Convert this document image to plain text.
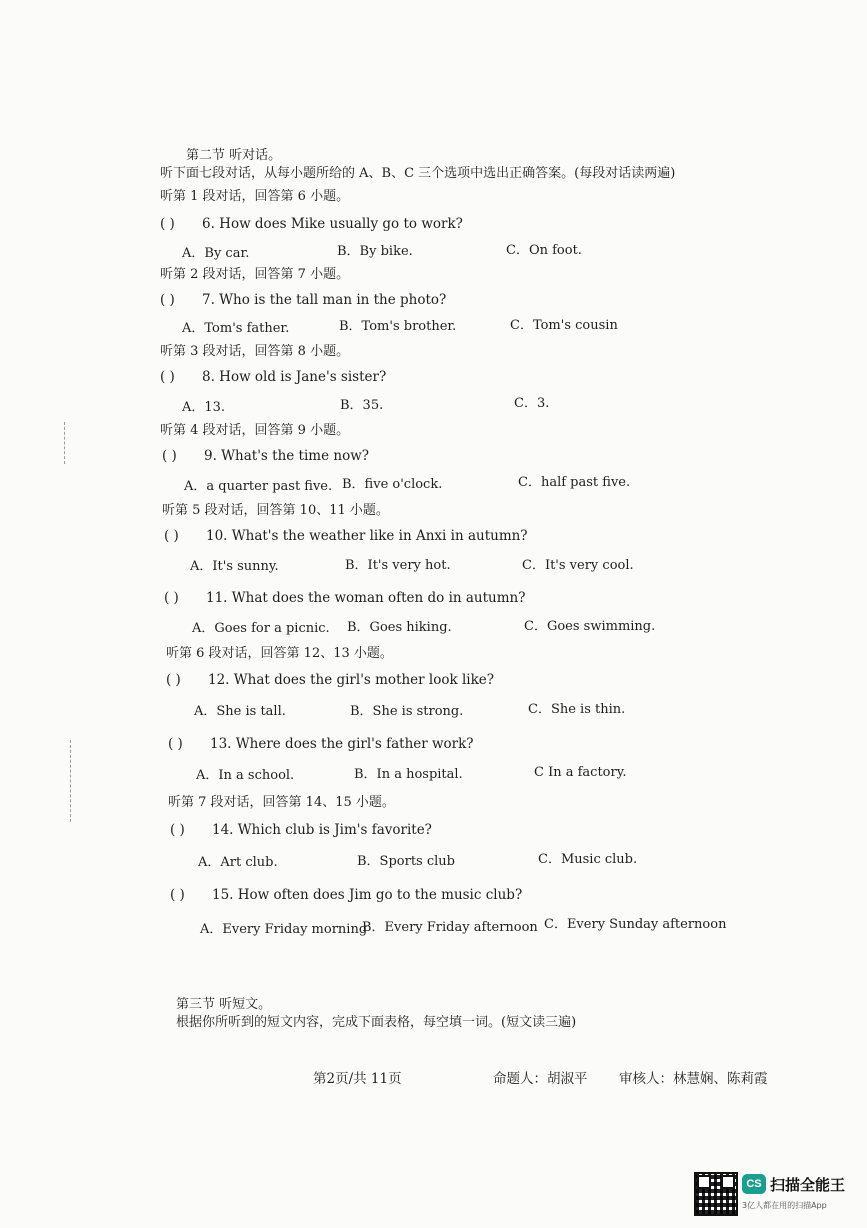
第二节 听对话。
听下面七段对话，从每小题所给的 A、B、C 三个选项中选出正确答案。(每段对话读两遍)
听第 1 段对话，回答第 6 小题。
( ) 6. How does Mike usually go to work?
A．By car.	B．By bike.	C．On foot.
听第 2 段对话，回答第 7 小题。
( ) 7. Who is the tall man in the photo?
A．Tom's father.	B．Tom's brother.	C．Tom's cousin
听第 3 段对话，回答第 8 小题。
( ) 8. How old is Jane's sister?
A．13.	B．35.	C．3.
听第 4 段对话，回答第 9 小题。
( ) 9. What's the time now?
A．a quarter past five. B．five o'clock.	C．half past five.
听第 5 段对话，回答第 10、11 小题。
( ) 10. What's the weather like in Anxi in autumn?
A．It's sunny.	B．It's very hot.	C．It's very cool.
( ) 11. What does the woman often do in autumn?
A．Goes for a picnic. B．Goes hiking.	C．Goes swimming.
听第 6 段对话，回答第 12、13 小题。
( ) 12. What does the girl's mother look like?
A．She is tall.	B．She is strong.	C．She is thin.
( ) 13. Where does the girl's father work?
A．In a school.	B．In a hospital.	C In a factory.
听第 7 段对话，回答第 14、15 小题。
( ) 14. Which club is Jim's favorite?
A．Art club.	B．Sports club	C．Music club.
( ) 15. How often does Jim go to the music club?
A．Every Friday morning
B．Every Friday afternoon C．Every Sunday afternoon
第三节 听短文。
根据你所听到的短文内容，完成下面表格，每空填一词。(短文读三遍)
第2页/共 11页	命题人：胡淑平 审核人：林慧娴、陈莉霞
CS 扫描全能王
3亿人都在用的扫描App
